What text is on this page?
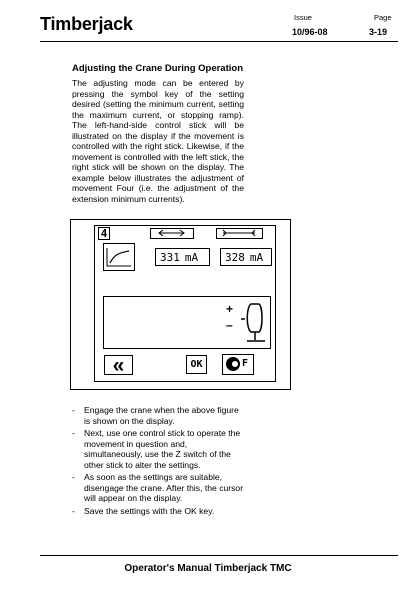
Timberjack	Issue
10/96-08
Page
3-19
Adjusting the Crane During Operation
The adjusting mode can be entered by pressing the symbol key of the setting desired (setting the minimum current, setting the maximum current, or stopping ramp). The left-hand-side control stick will be illustrated on the display if the movement is controlled with the right stick. Likewise, if the movement is controlled with the left stick, the right stick will be shown on the display. The example below illustrates the adjustment of movement Four (i.e. the adjustment of the extension minimum currents).
4
331 mA 328 mA
+
–
«	OK	F
- Engage the crane when the above figure is shown on the display.
- Next, use one control stick to operate the movement in question and, simultaneously, use the Z switch of the other stick to alter the settings.
- As soon as the settings are suitable, disengage the crane. After this, the cursor will appear on the display.
- Save the settings with the OK key.
Operator's Manual Timberjack TMC
